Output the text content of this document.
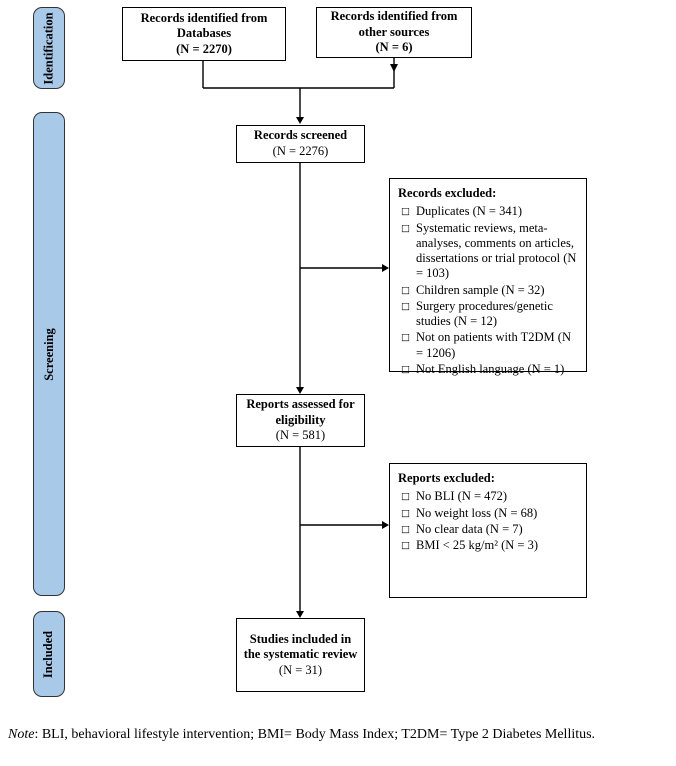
Identification
Screening
Included
Records identified from Databases
(N = 2270)
Records identified from other sources
(N = 6)
Records screened
(N = 2276)
Reports assessed for eligibility
(N = 581)
Studies included in the systematic review
(N = 31)
Records excluded:
□ Duplicates (N = 341)
□ Systematic reviews, meta-analyses, comments on articles, dissertations or trial protocol (N = 103)
□ Children sample (N = 32)
□ Surgery procedures/genetic studies (N = 12)
□ Not on patients with T2DM (N = 1206)
□ Not English language (N = 1)
Reports excluded:
□ No BLI (N = 472)
□ No weight loss (N = 68)
□ No clear data (N = 7)
□ BMI < 25 kg/m² (N = 3)
Note: BLI, behavioral lifestyle intervention; BMI= Body Mass Index; T2DM= Type 2 Diabetes Mellitus.
